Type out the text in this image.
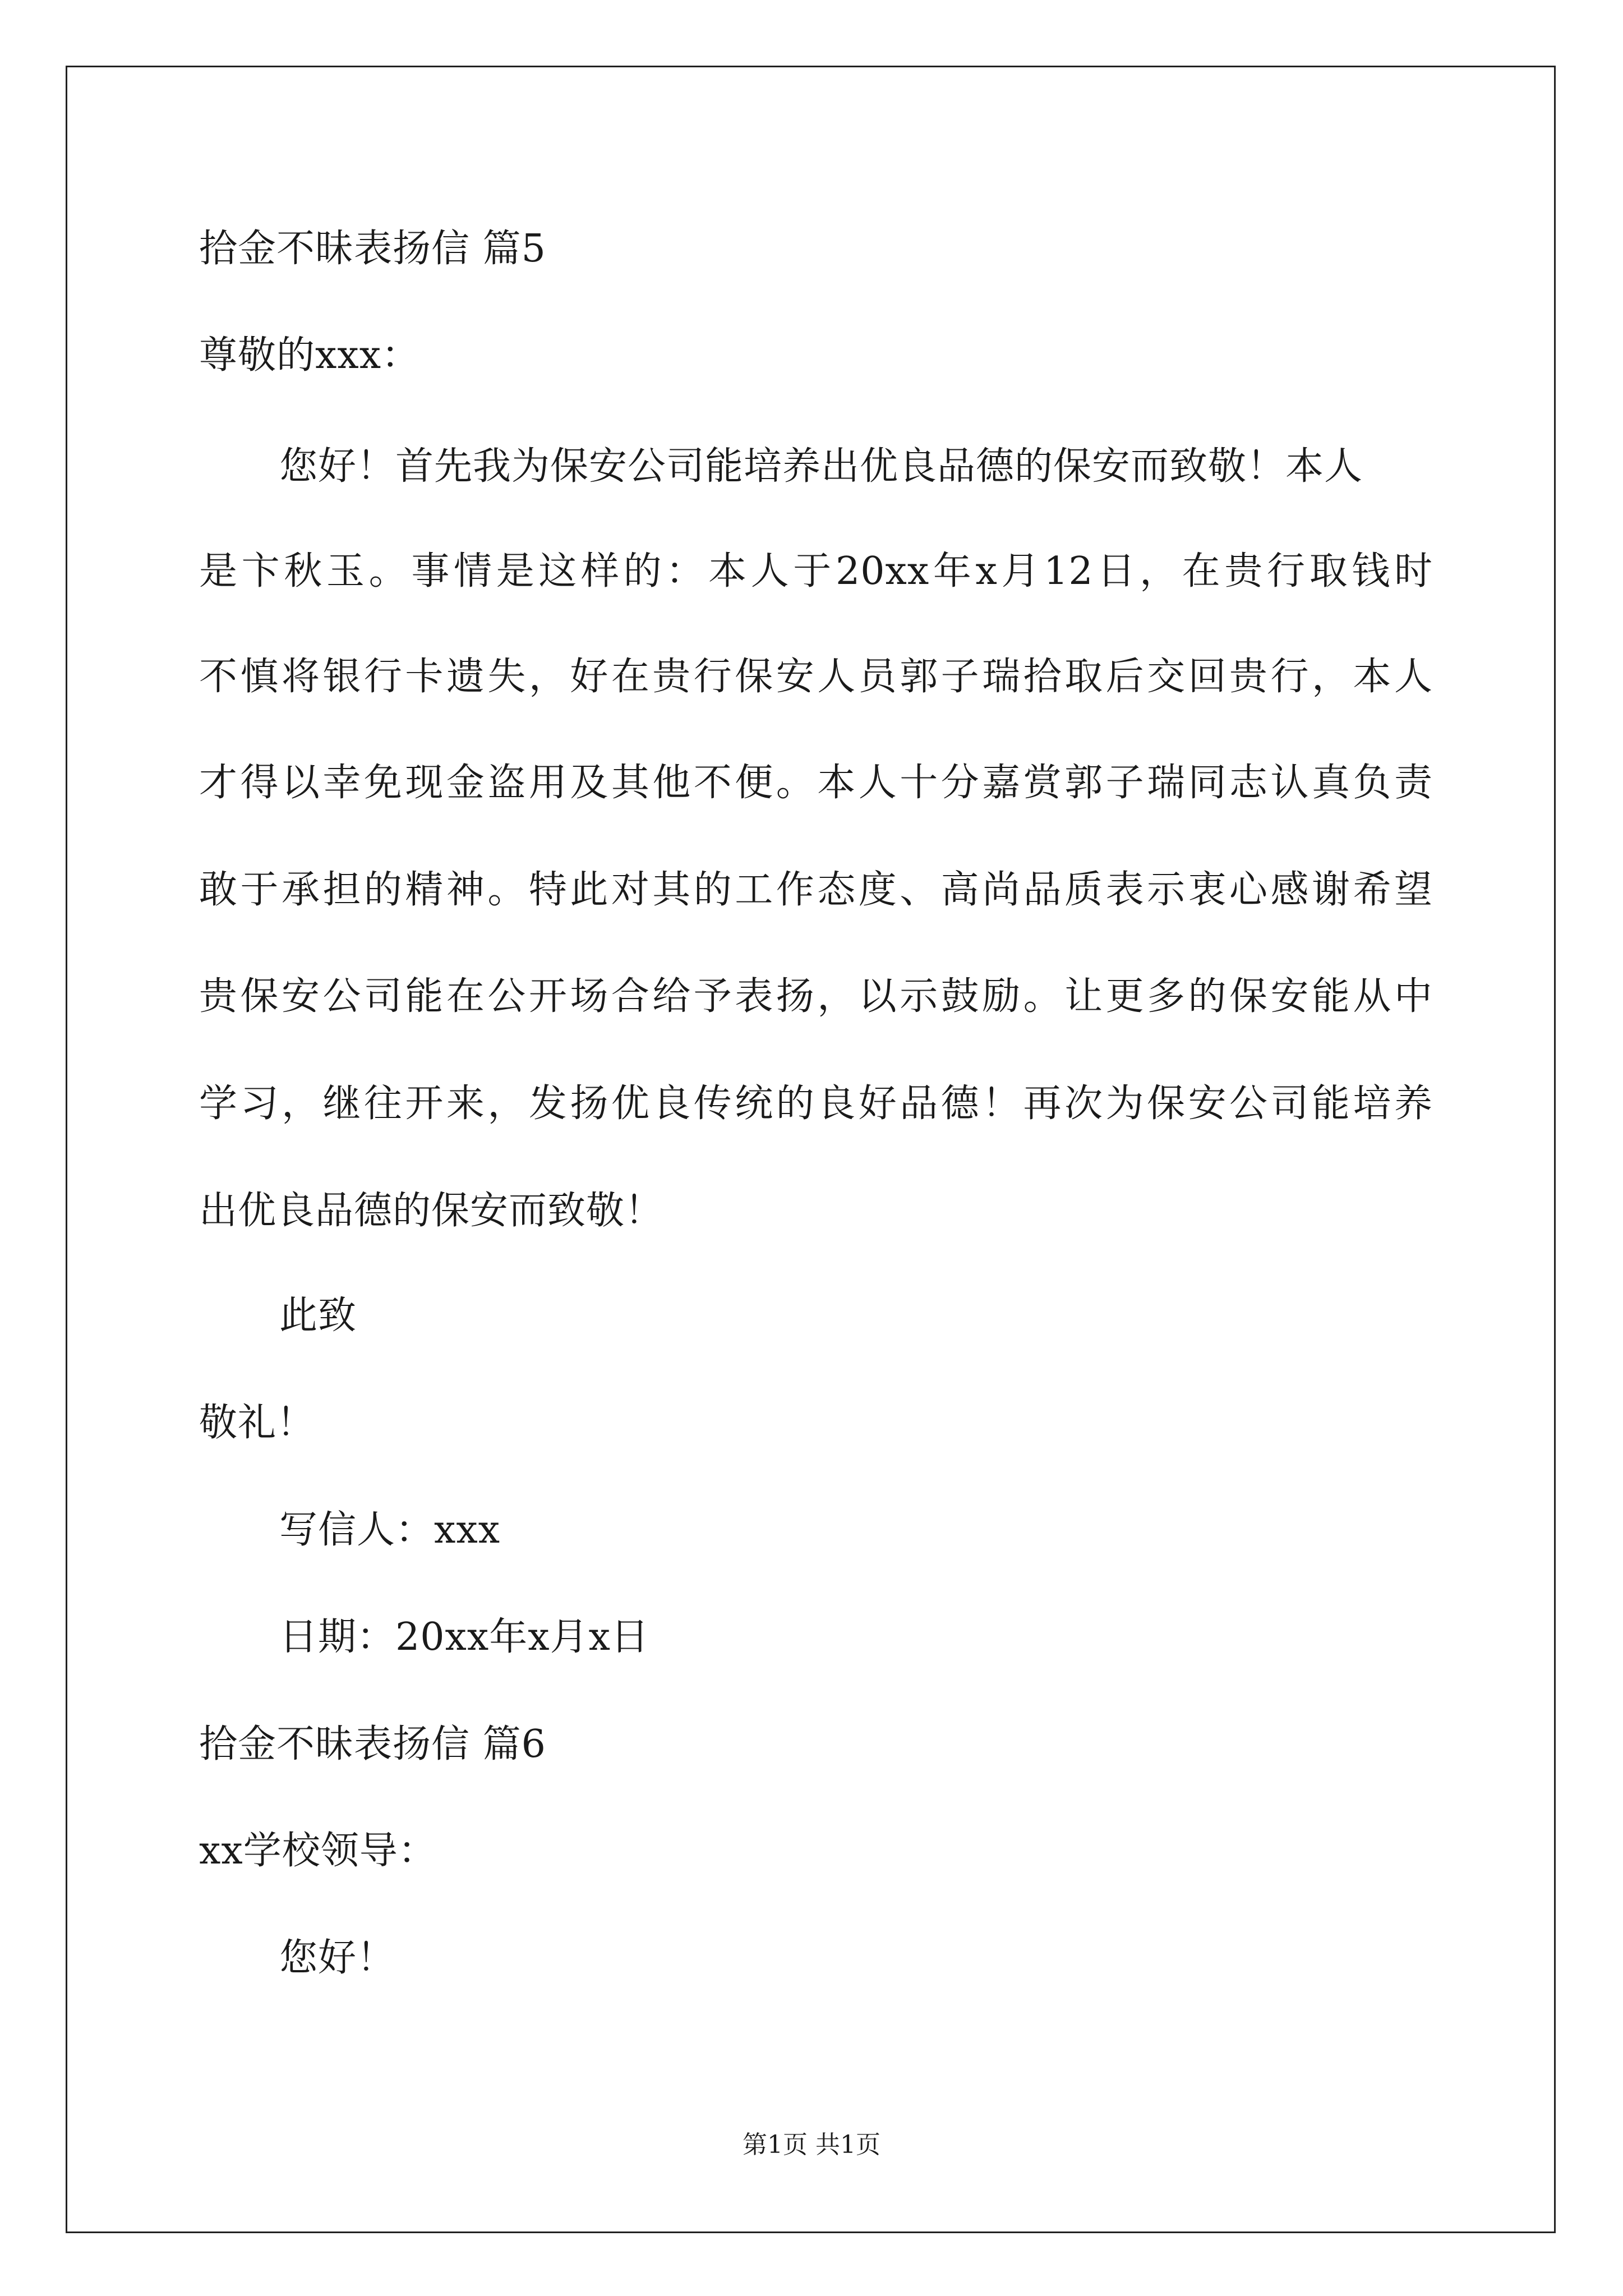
拾金不昧表扬信 篇5
尊敬的xxx：
您好！首先我为保安公司能培养出优良品德的保安而致敬！本人
是卞秋玉。事情是这样的：本人于20xx年x月12日，在贵行取钱时
不慎将银行卡遗失，好在贵行保安人员郭子瑞拾取后交回贵行，本人
才得以幸免现金盗用及其他不便。本人十分嘉赏郭子瑞同志认真负责
敢于承担的精神。特此对其的工作态度、高尚品质表示衷心感谢希望
贵保安公司能在公开场合给予表扬，以示鼓励。让更多的保安能从中
学习，继往开来，发扬优良传统的良好品德！再次为保安公司能培养
出优良品德的保安而致敬！
此致
敬礼！
写信人：xxx
日期：20xx年x月x日
拾金不昧表扬信 篇6
xx学校领导：
您好！
第1页 共1页
